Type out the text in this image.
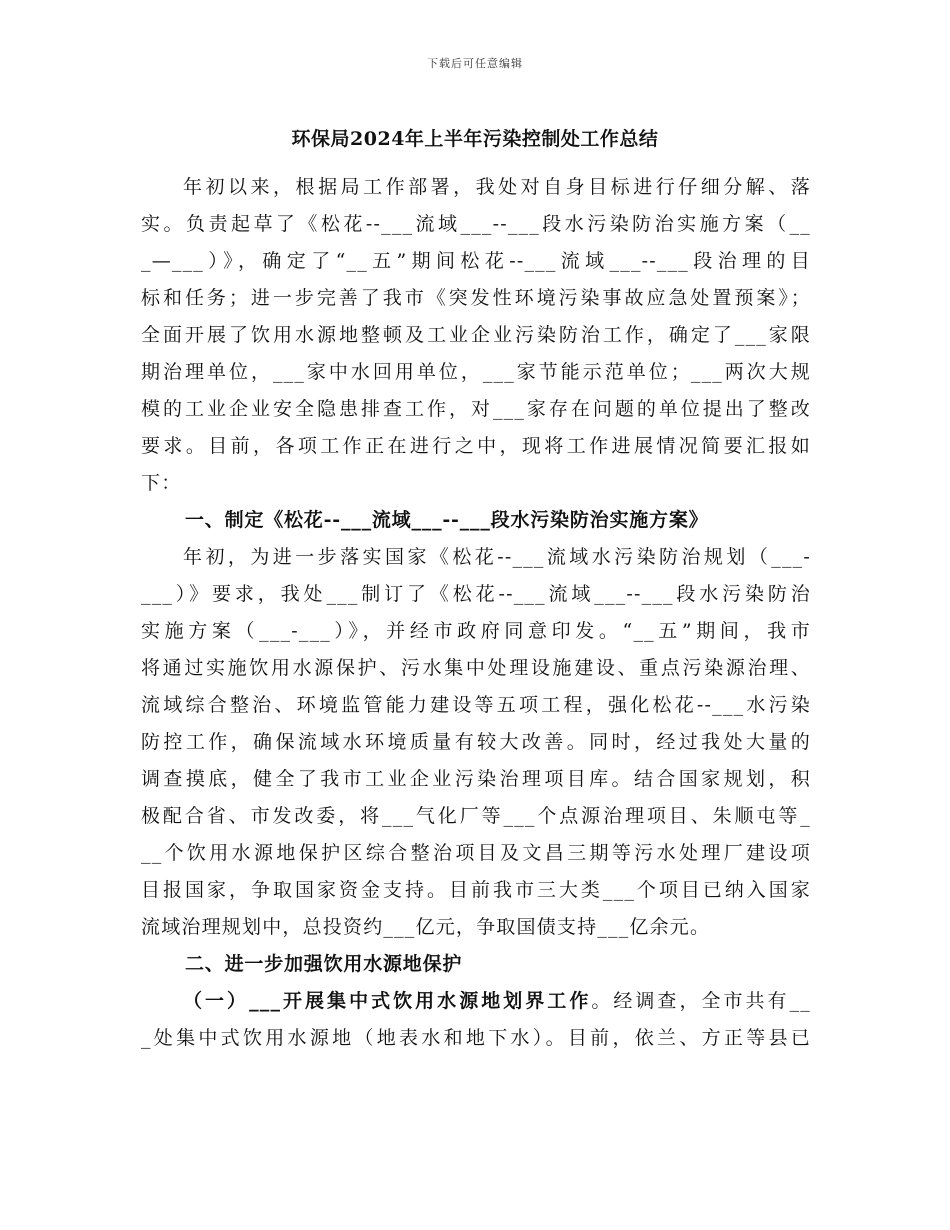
下载后可任意编辑
环保局2024年上半年污染控制处工作总结
年初以来，根据局工作部署，我处对自身目标进行仔细分解、落
实。负责起草了《松花--___流域___--___段水污染防治实施方案（__
_—___）》，确定了“__五”期间松花--___流域___--___段治理的目
标和任务；进一步完善了我市《突发性环境污染事故应急处置预案》；
全面开展了饮用水源地整顿及工业企业污染防治工作，确定了___家限
期治理单位，___家中水回用单位，___家节能示范单位；___两次大规
模的工业企业安全隐患排查工作，对___家存在问题的单位提出了整改
要求。目前，各项工作正在进行之中，现将工作进展情况简要汇报如
下：
一、制定《松花--___流域___--___段水污染防治实施方案》
年初，为进一步落实国家《松花--___流域水污染防治规划（___-
___）》要求，我处___制订了《松花--___流域___--___段水污染防治
实施方案（___-___）》，并经市政府同意印发。“__五”期间，我市
将通过实施饮用水源保护、污水集中处理设施建设、重点污染源治理、
流域综合整治、环境监管能力建设等五项工程，强化松花--___水污染
防控工作，确保流域水环境质量有较大改善。同时，经过我处大量的
调查摸底，健全了我市工业企业污染治理项目库。结合国家规划，积
极配合省、市发改委，将___气化厂等___个点源治理项目、朱顺屯等_
__个饮用水源地保护区综合整治项目及文昌三期等污水处理厂建设项
目报国家，争取国家资金支持。目前我市三大类___个项目已纳入国家
流域治理规划中，总投资约___亿元，争取国债支持___亿余元。
二、进一步加强饮用水源地保护
（一）___开展集中式饮用水源地划界工作。经调查，全市共有__
_处集中式饮用水源地（地表水和地下水）。目前，依兰、方正等县已
